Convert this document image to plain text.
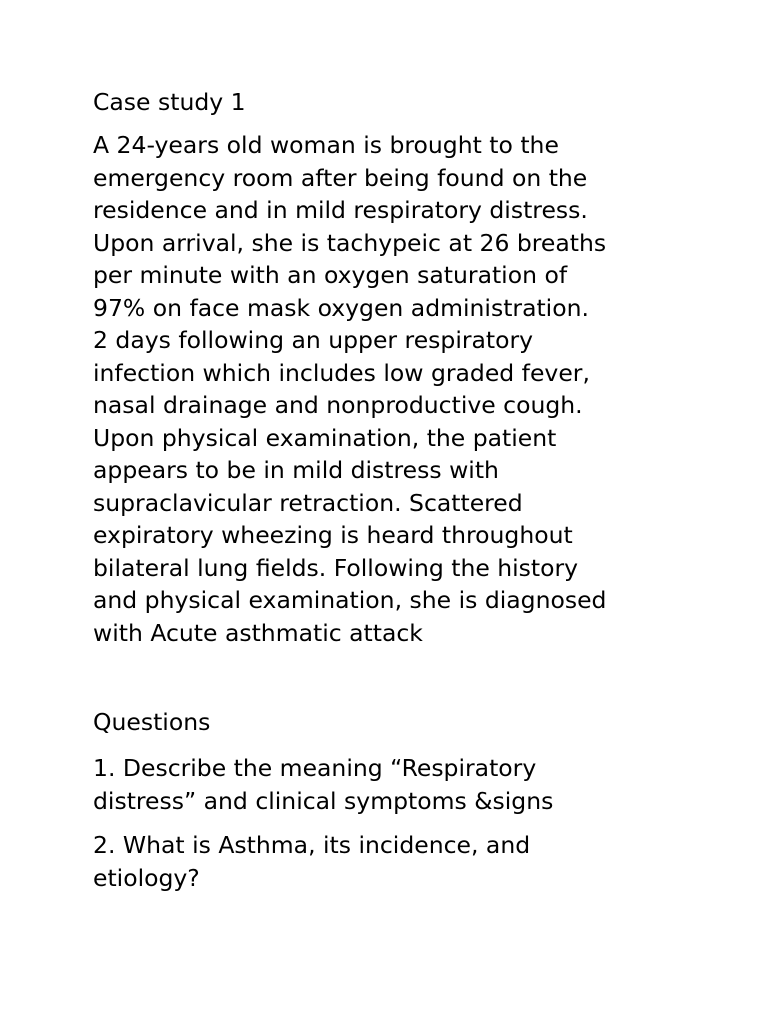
Case study 1

A 24-years old woman is brought to the
emergency room after being found on the
residence and in mild respiratory distress.
Upon arrival, she is tachypeic at 26 breaths
per minute with an oxygen saturation of
97% on face mask oxygen administration.
2 days following an upper respiratory
infection which includes low graded fever,
nasal drainage and nonproductive cough.
Upon physical examination, the patient
appears to be in mild distress with
supraclavicular retraction. Scattered
expiratory wheezing is heard throughout
bilateral lung fields. Following the history
and physical examination, she is diagnosed
with Acute asthmatic attack

Questions

1. Describe the meaning “Respiratory
distress” and clinical symptoms &signs

2. What is Asthma, its incidence, and
etiology?
